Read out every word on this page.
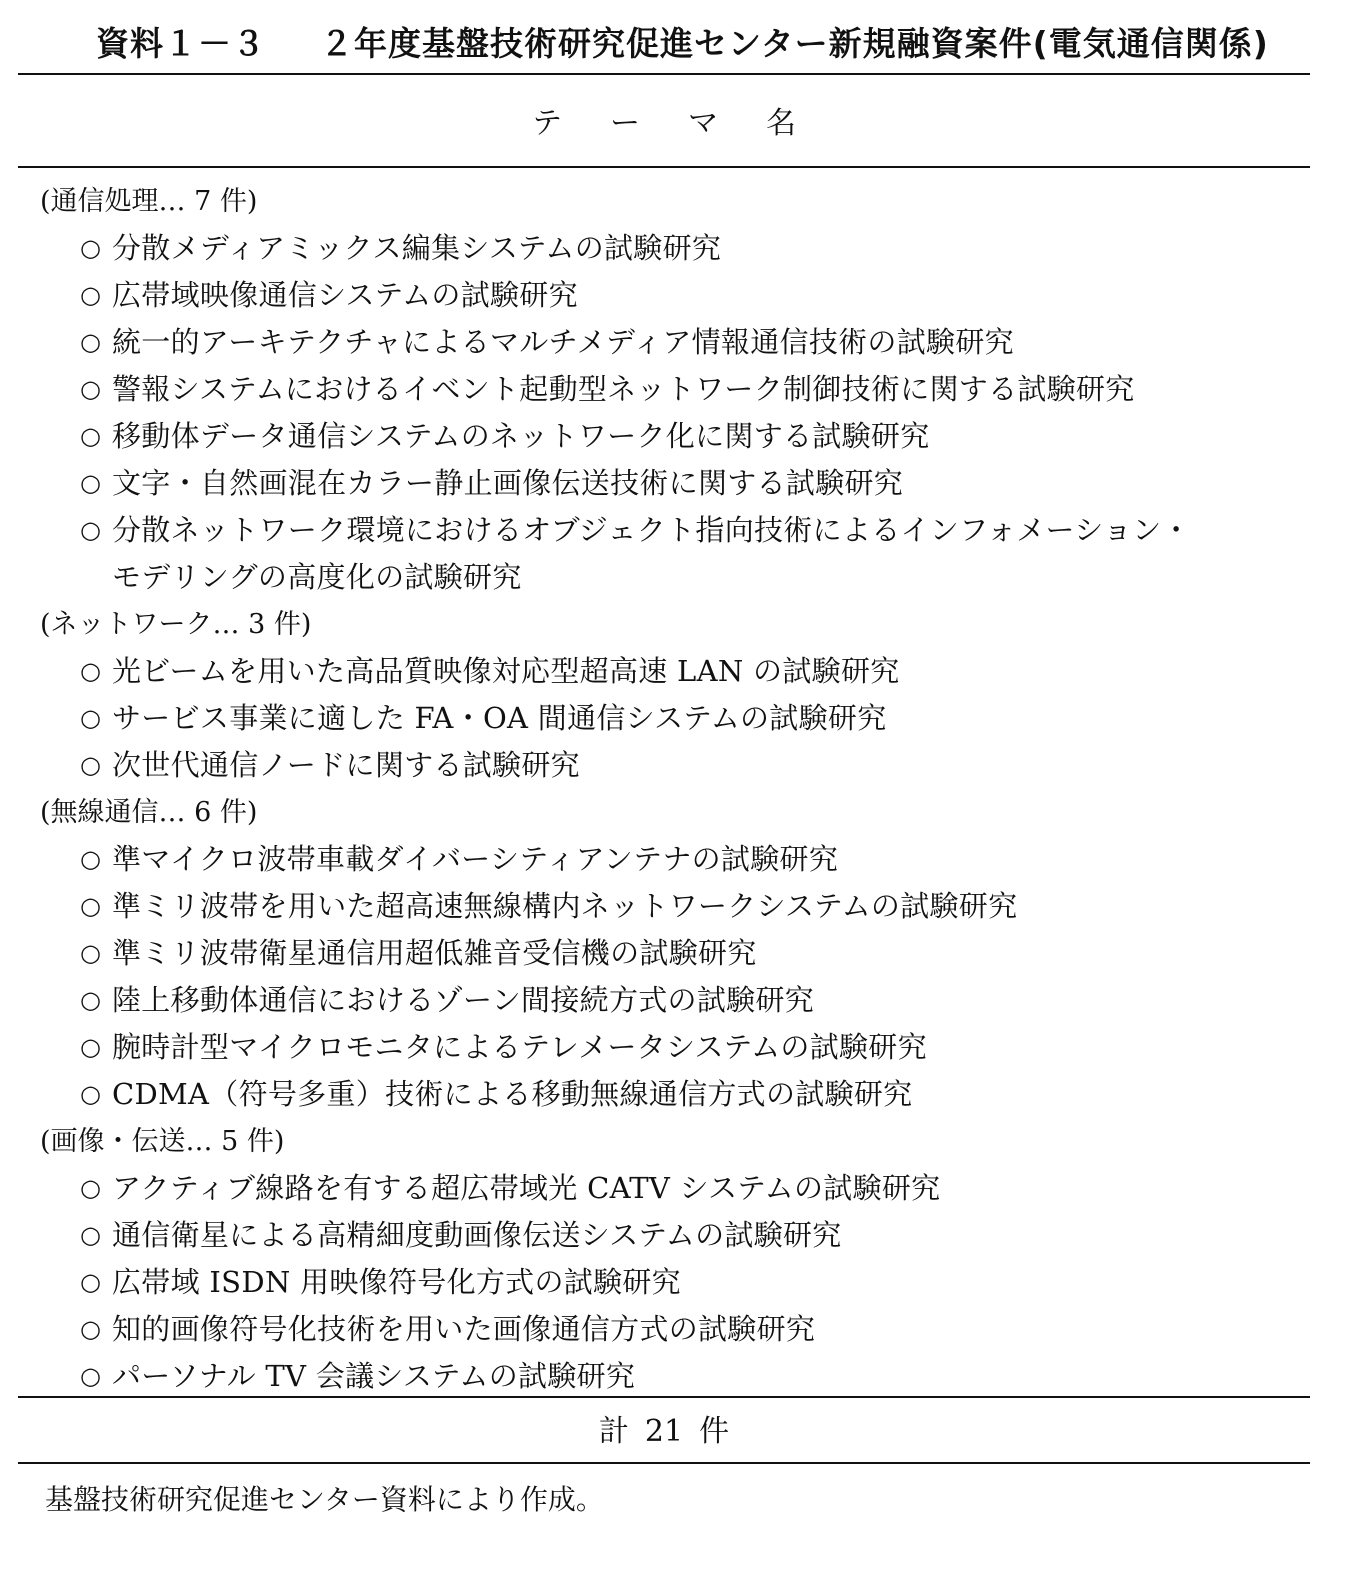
資料１－３ ２年度基盤技術研究促進センター新規融資案件(電気通信関係)
テーマ名
(通信処理… 7 件)
○ 分散メディアミックス編集システムの試験研究
○ 広帯域映像通信システムの試験研究
○ 統一的アーキテクチャによるマルチメディア情報通信技術の試験研究
○ 警報システムにおけるイベント起動型ネットワーク制御技術に関する試験研究
○ 移動体データ通信システムのネットワーク化に関する試験研究
○ 文字・自然画混在カラー静止画像伝送技術に関する試験研究
○ 分散ネットワーク環境におけるオブジェクト指向技術によるインフォメーション・
モデリングの高度化の試験研究
(ネットワーク… 3 件)
○ 光ビームを用いた高品質映像対応型超高速 LAN の試験研究
○ サービス事業に適した FA・OA 間通信システムの試験研究
○ 次世代通信ノードに関する試験研究
(無線通信… 6 件)
○ 準マイクロ波帯車載ダイバーシティアンテナの試験研究
○ 準ミリ波帯を用いた超高速無線構内ネットワークシステムの試験研究
○ 準ミリ波帯衛星通信用超低雑音受信機の試験研究
○ 陸上移動体通信におけるゾーン間接続方式の試験研究
○ 腕時計型マイクロモニタによるテレメータシステムの試験研究
○ CDMA（符号多重）技術による移動無線通信方式の試験研究
(画像・伝送… 5 件)
○ アクティブ線路を有する超広帯域光 CATV システムの試験研究
○ 通信衛星による高精細度動画像伝送システムの試験研究
○ 広帯域 ISDN 用映像符号化方式の試験研究
○ 知的画像符号化技術を用いた画像通信方式の試験研究
○ パーソナル TV 会議システムの試験研究
計 21 件
基盤技術研究促進センター資料により作成。
